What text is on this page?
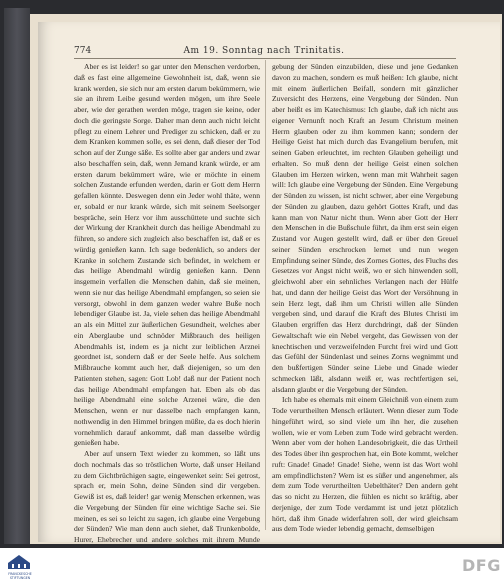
774	Am 19. Sonntag nach Trinitatis.

Aber es ist leider! so gar unter den Menschen verdorben, daß es fast eine allgemeine Gewohnheit ist, daß, wenn sie krank werden, sie sich nur am ersten darum bekümmern, wie sie an ihrem Leibe gesund werden mögen, um ihre Seele aber, wie der gerathen werden möge, tragen sie keine, oder doch die geringste Sorge. Daher man denn auch nicht leicht pflegt zu einem Lehrer und Prediger zu schicken, daß er zu dem Kranken kommen solle, es sei denn, daß dieser der Tod schon auf der Zunge säße. Es sollte aber gar anders und zwar also beschaffen sein, daß, wenn Jemand krank würde, er am ersten darum bekümmert wäre, wie er möchte in einem solchen Zustande erfunden werden, darin er Gott dem Herrn gefallen könnte. Deswegen denn ein Jeder wohl thäte, wenn er, sobald er nur krank würde, sich mit seinem Seelsorger bespräche, sein Herz vor ihm ausschüttete und suchte sich der Wirkung der Krankheit durch das heilige Abendmahl zu führen, so andere sich zugleich also beschaffen ist, daß er es würdig genießen kann. Ich sage bedenklich, so anders der Kranke in solchem Zustande sich befindet, in welchem er das heilige Abendmahl würdig genießen kann. Denn insgemein verfallen die Menschen dahin, daß sie meinen, wenn sie nur das heilige Abendmahl empfangen, so seien sie versorgt, obwohl in dem ganzen weder wahre Buße noch lebendiger Glaube ist. Ja, viele sehen das heilige Abendmahl an als ein Mittel zur äußerlichen Gesundheit, welches aber ein Aberglaube und schnöder Mißbrauch des heiligen Abendmahls ist, indem es ja nicht zur leiblichen Arznei geordnet ist, sondern daß er der Seele helfe. Aus solchem Mißbrauche kommt auch her, daß diejenigen, so um den Patienten stehen, sagen: Gott Lob! daß nur der Patient noch das heilige Abendmahl empfangen hat. Eben als ob das heilige Abendmahl eine solche Arzenei wäre, die den Menschen, wenn er nur dasselbe nach empfangen kann, nothwendig in den Himmel bringen müßte, da es doch hierin vornehmlich darauf ankommt, daß man dasselbe würdig genießen habe.

Aber auf unsern Text wieder zu kommen, so läßt uns doch nochmals das so tröstlichen Worte, daß unser Heiland zu dem Gichtbrüchigen sagte, eingewenket sein: Sei getrost, sprach er, mein Sohn, deine Sünden sind dir vergeben. Gewiß ist es, daß leider! gar wenig Menschen erkennen, was die Vergebung der Sünden für eine wichtige Sache sei. Sie meinen, es sei so leicht zu sagen, ich glaube eine Vergebung der Sünden? Wie man denn auch siehet, daß Trunkenbolde, Hurer, Ehebrecher und andere solches mit ihrem Munde

gebung der Sünden einzubilden, diese und jene Gedanken davon zu machen, sondern es muß heißen: Ich glaube, nicht mit einem äußerlichen Beifall, sondern mit gänzlicher Zuversicht des Herzens, eine Vergebung der Sünden. Nun aber heißt es im Katechismus: Ich glaube, daß ich nicht aus eigener Vernunft noch Kraft an Jesum Christum meinen Herrn glauben oder zu ihm kommen kann; sondern der Heilige Geist hat mich durch das Evangelium berufen, mit seinen Gaben erleuchtet, im rechten Glauben geheiligt und erhalten. So muß denn der heilige Geist einen solchen Glauben im Herzen wirken, wenn man mit Wahrheit sagen will: Ich glaube eine Vergebung der Sünden. Eine Vergebung der Sünden zu wissen, ist nicht schwer, aber eine Vergebung der Sünden zu glauben, dazu gehört Gottes Kraft, und das kann man von Natur nicht thun. Wenn aber Gott der Herr den Menschen in die Bußschule führt, da ihm erst sein eigen Zustand vor Augen gestellt wird, daß er über den Greuel seiner Sünden erschrocken lernet und nun wegen Empfindung seiner Sünde, des Zornes Gottes, des Fluchs des Gesetzes vor Angst nicht weiß, wo er sich hinwenden soll, gleichwohl aber ein sehnliches Verlangen nach der Hülfe hat, und dann der heilige Geist das Wort der Versöhnung in sein Herz legt, daß ihm um Christi willen alle Sünden vergeben sind, und darauf die Kraft des Blutes Christi im Glauben ergriffen das Herz durchdringt, daß der Sünden Gewaltschaft wie ein Nebel vergeht, das Gewissen von der knechtischen und verzweifelnden Furcht frei wird und Gott das Gefühl der Sündenlast und seines Zorns wegnimmt und den bußfertigen Sünder seine Liebe und Gnade wieder schmecken läßt, alsdann weiß er, was rechtfertigen sei, alsdann glaubt er die Vergebung der Sünden.

Ich habe es ehemals mit einem Gleichniß von einem zum Tode verurtheilten Mensch erläutert. Wenn dieser zum Tode hingeführt wird, so sind viele um ihn her, die zusehen wollen, wie er vom Leben zum Tode wird gebracht werden. Wenn aber vom der hohen Landesobrigkeit, die das Urtheil des Todes über ihn gesprochen hat, ein Bote kommt, welcher ruft: Gnade! Gnade! Gnade! Siehe, wenn ist das Wort wohl am empfindlichsten? Wem ist es süßer und angenehmer, als dem zum Tode verurtheilten Uebelthäter? Den andern geht das so nicht zu Herzen, die fühlen es nicht so kräftig, aber derjenige, der zum Tode verdammt ist und jetzt plötzlich hört, daß ihm Gnade widerfahren soll, der wird gleichsam aus dem Tode wieder lebendig gemacht, demselbigen

FRANCKESCHE STIFTUNGEN
DFG
